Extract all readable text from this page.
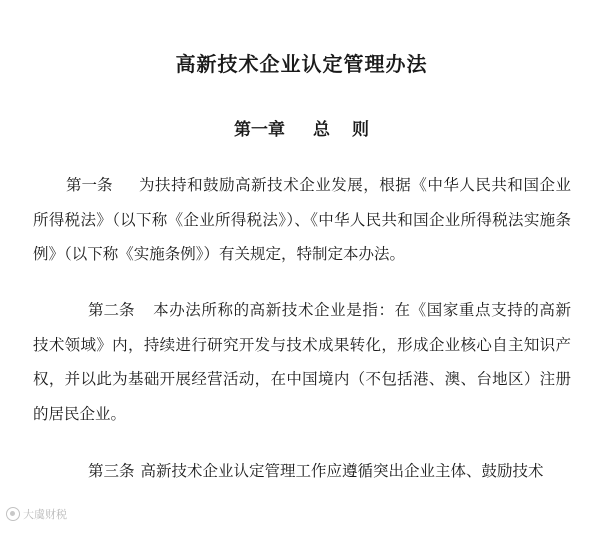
高新技术企业认定管理办法
第一章 总 则
第一条 为扶持和鼓励高新技术企业发展，根据《中华人民共和国企业所得税法》（以下称《企业所得税法》）、《中华人民共和国企业所得税法实施条例》（以下称《实施条例》）有关规定，特制定本办法。
第二条 本办法所称的高新技术企业是指：在《国家重点支持的高新技术领域》内，持续进行研究开发与技术成果转化，形成企业核心自主知识产权，并以此为基础开展经营活动，在中国境内（不包括港、澳、台地区）注册的居民企业。
第三条 高新技术企业认定管理工作应遵循突出企业主体、鼓励技术
大虞财税
